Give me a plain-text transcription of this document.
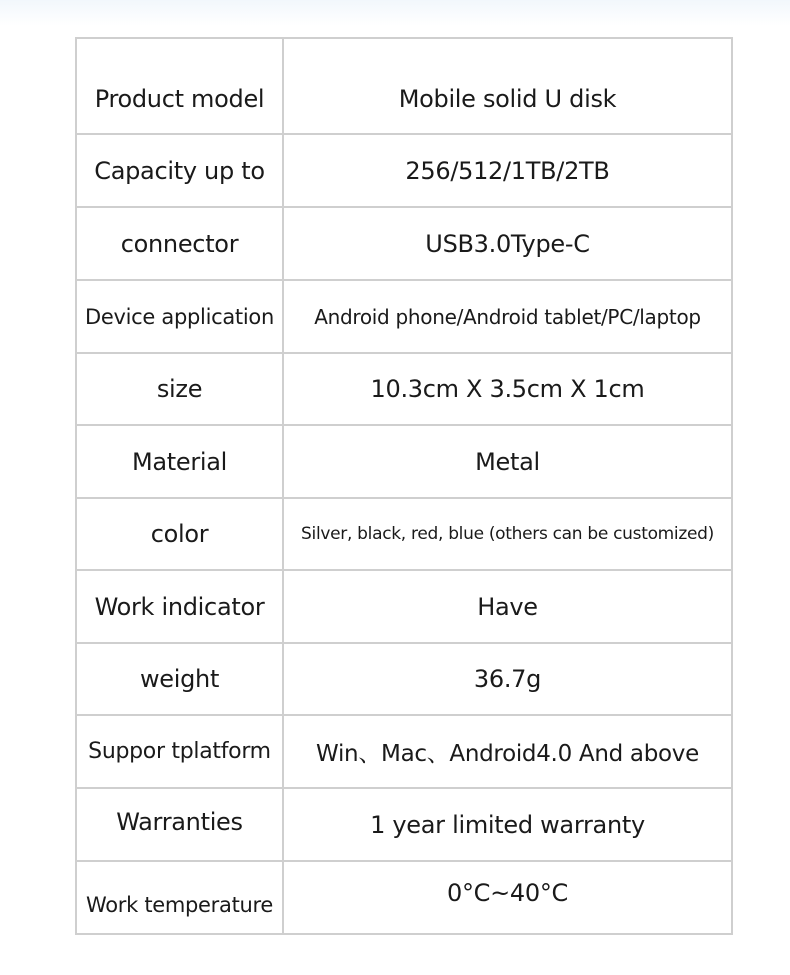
Product model	Mobile solid U disk
Capacity up to	256/512/1TB/2TB
connector	USB3.0Type-C
Device application	Android phone/Android tablet/PC/laptop
size	10.3cm X 3.5cm X 1cm
Material	Metal
color	Silver, black, red, blue (others can be customized)
Work indicator	Have
weight	36.7g
Suppor tplatform	Win、Mac、Android4.0 And above
Warranties	1 year limited warranty
Work temperature	0°C~40°C
